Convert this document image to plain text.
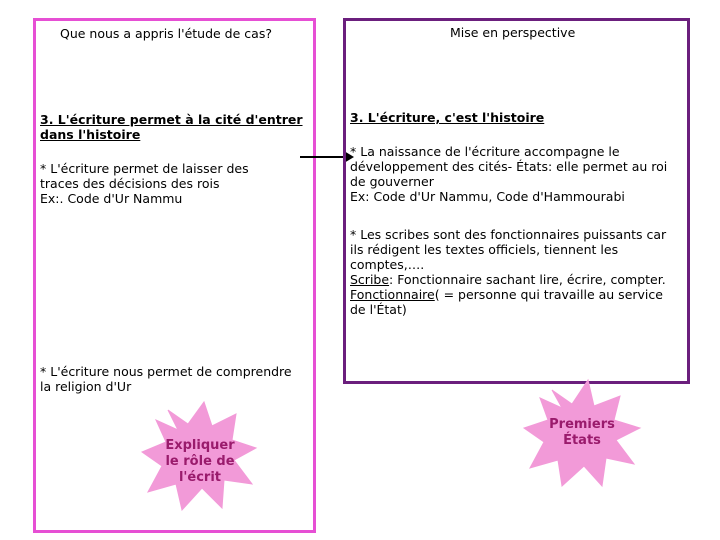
Que nous a appris l'étude de cas?

3. L'écriture permet à la cité d'entrer
dans l'histoire
* L'écriture permet de laisser des
traces des décisions des rois
Ex:. Code d'Ur Nammu
* L'écriture nous permet de comprendre
la religion d'Ur
Expliquer
le rôle de
l'écrit

Mise en perspective

3. L'écriture, c'est l'histoire

* La naissance de l'écriture accompagne le
développement des cités- États: elle permet au roi
de gouverner
Ex: Code d'Ur Nammu, Code d'Hammourabi
* Les scribes sont des fonctionnaires puissants car
ils rédigent les textes officiels, tiennent les
comptes,….
Scribe: Fonctionnaire sachant lire, écrire, compter.
Fonctionnaire( = personne qui travaille au service
de l'État)
Premiers
États
